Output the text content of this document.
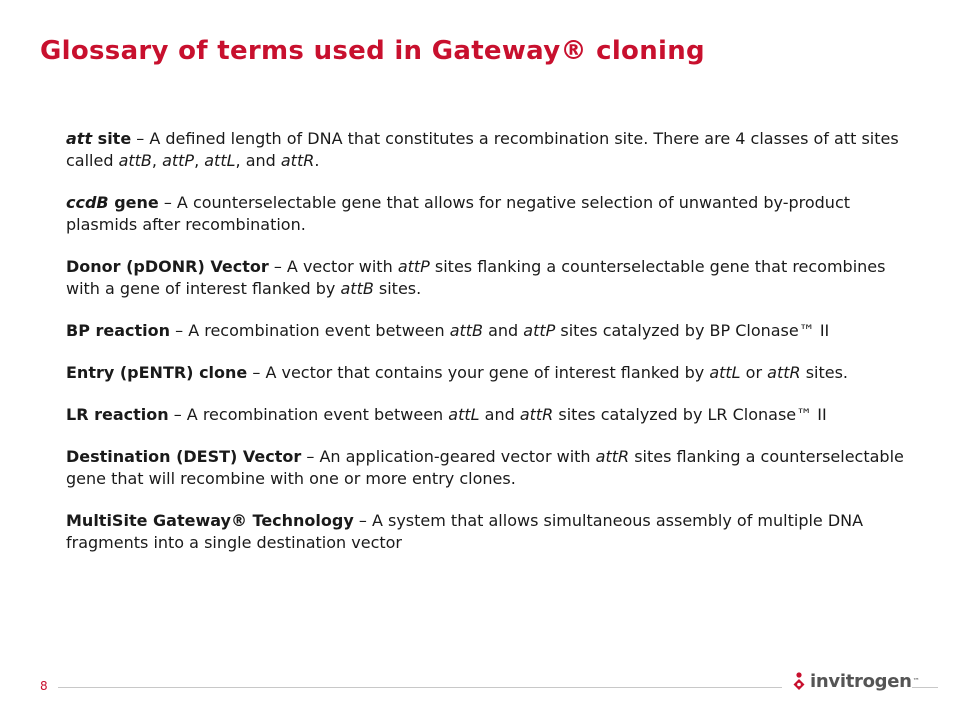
Glossary of terms used in Gateway® cloning
att site – A defined length of DNA that constitutes a recombination site. There are 4 classes of att sites called attB, attP, attL, and attR.
ccdB gene – A counterselectable gene that allows for negative selection of unwanted by-product plasmids after recombination.
Donor (pDONR) Vector – A vector with attP sites flanking a counterselectable gene that recombines with a gene of interest flanked by attB sites.
BP reaction – A recombination event between attB and attP sites catalyzed by BP Clonase™ II
Entry (pENTR) clone – A vector that contains your gene of interest flanked by attL or attR sites.
LR reaction – A recombination event between attL and attR sites catalyzed by LR Clonase™ II
Destination (DEST) Vector – An application-geared vector with attR sites flanking a counterselectable gene that will recombine with one or more entry clones.
MultiSite Gateway® Technology – A system that allows simultaneous assembly of multiple DNA fragments into a single destination vector
8	invitrogen ™
